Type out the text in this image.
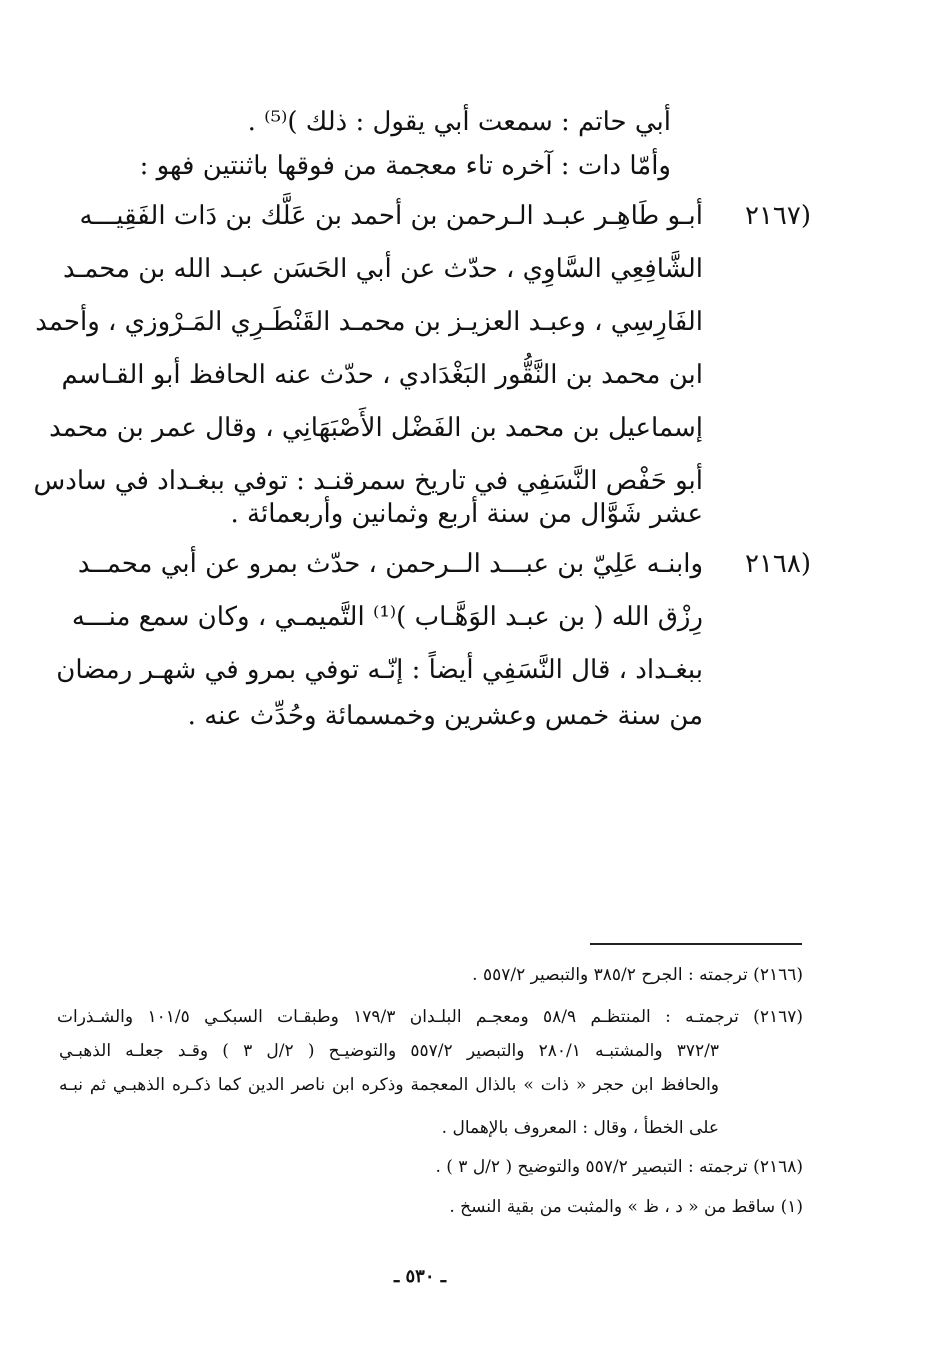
أبي حاتم : سمعت أبي يقول : ذلك )⁽⁵⁾ .
وأمّا دات : آخره تاء معجمة من فوقها باثنتين فهو :
(٢١٦٧
أبـو طَاهِـر عبـد الـرحمن بن أحمد بن عَلَّك بن دَات الفَقِيـــه
الشَّافِعِي السَّاوِي ، حدّث عن أبي الحَسَن عبـد الله بن محمـد
الفَارِسِي ، وعبـد العزيـز بن محمـد القَنْطَـرِي المَـرْوزي ، وأحمد
ابن محمد بن النَّقُّور البَغْدَادي ، حدّث عنه الحافظ أبو القـاسم
إسماعيل بن محمد بن الفَضْل الأَصْبَهَانِي ، وقال عمر بن محمد
أبو حَفْص النَّسَفِي في تاريخ سمرقنـد : توفي ببغـداد في سادس
عشر شَوَّال من سنة أربع وثمانين وأربعمائة .
(٢١٦٨
وابنـه عَلِيّ بن عبـــد الــرحمن ، حدّث بمرو عن أبي محمــد
رِزْق الله ( بن عبـد الوَهَّـاب )⁽¹⁾ التَّميمـي ، وكان سمع منـــه
ببغـداد ، قال النَّسَفِي أيضاً : إنّـه توفي بمرو في شهـر رمضان
من سنة خمس وعشرين وخمسمائة وحُدِّث عنه .
(٢١٦٦) ترجمته : الجرح ٣٨٥/٢ والتبصير ٥٥٧/٢ .
(٢١٦٧) ترجمتـه : المنتظـم ٥٨/٩ ومعجـم البلـدان ١٧٩/٣ وطبقـات السبكـي ١٠١/٥ والشـذرات
٣٧٢/٣ والمشتبـه ٢٨٠/١ والتبصير ٥٥٧/٢ والتوضيـح ( ٢/ل ٣ ) وقـد جعلـه الذهبـي
والحافظ ابن حجر « ذات » بالذال المعجمة وذكره ابن ناصر الدين كما ذكـره الذهبـي ثم نبـه
على الخطأ ، وقال : المعروف بالإهمال .
(٢١٦٨) ترجمته : التبصير ٥٥٧/٢ والتوضيح ( ٢/ل ٣ ) .
(١) ساقط من « د ، ظ » والمثبت من بقية النسخ .
ـ ٥٣٠ ـ
